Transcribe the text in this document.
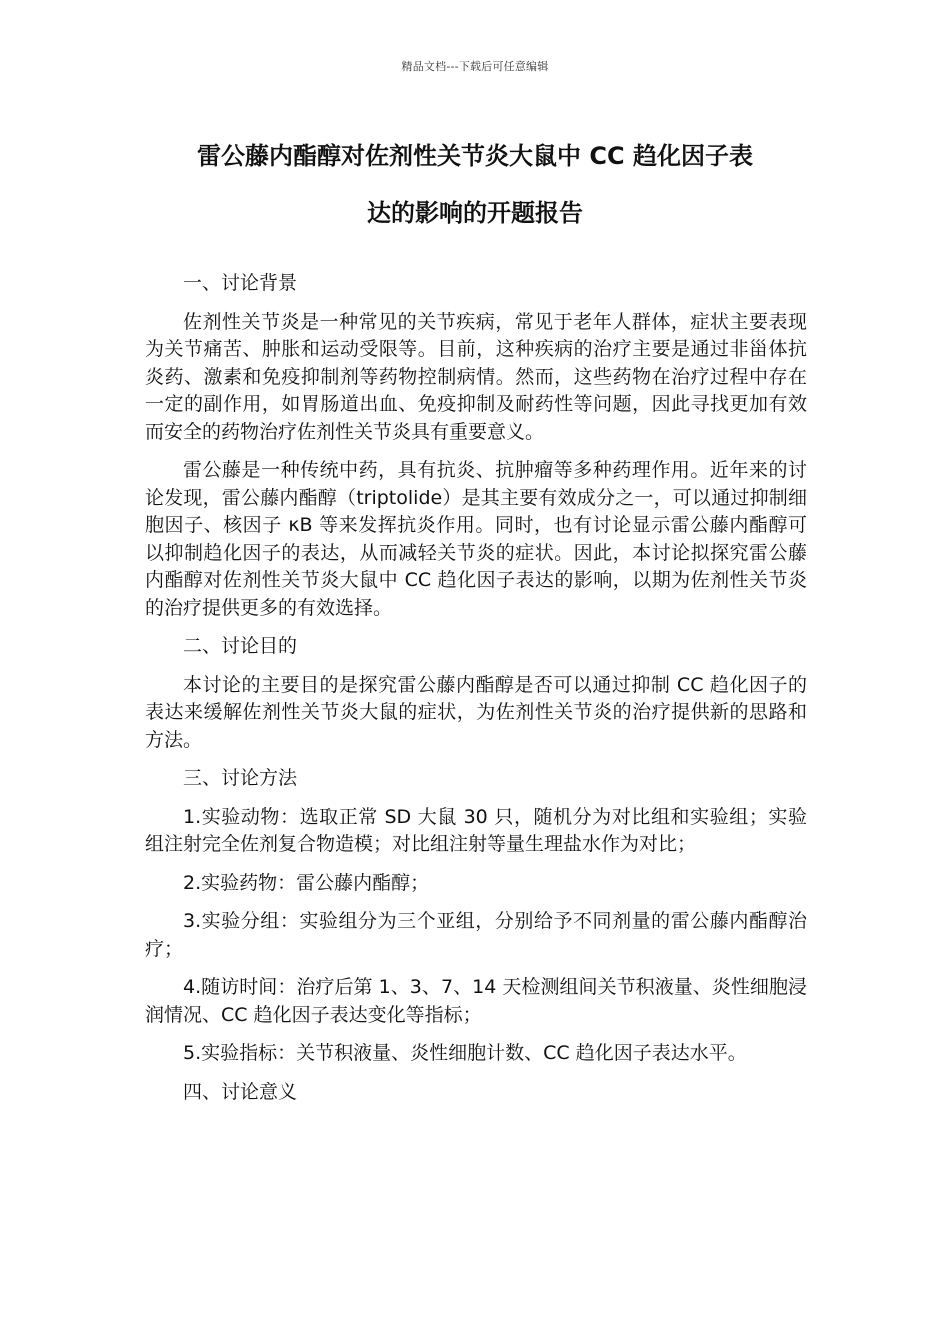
精品文档---下载后可任意编辑
雷公藤内酯醇对佐剂性关节炎大鼠中 CC 趋化因子表
达的影响的开题报告

一、讨论背景

佐剂性关节炎是一种常见的关节疾病，常见于老年人群体，症状主要表现为关节痛苦、肿胀和运动受限等。目前，这种疾病的治疗主要是通过非甾体抗炎药、激素和免疫抑制剂等药物控制病情。然而，这些药物在治疗过程中存在一定的副作用，如胃肠道出血、免疫抑制及耐药性等问题，因此寻找更加有效而安全的药物治疗佐剂性关节炎具有重要意义。

雷公藤是一种传统中药，具有抗炎、抗肿瘤等多种药理作用。近年来的讨论发现，雷公藤内酯醇（triptolide）是其主要有效成分之一，可以通过抑制细胞因子、核因子 κB 等来发挥抗炎作用。同时，也有讨论显示雷公藤内酯醇可以抑制趋化因子的表达，从而减轻关节炎的症状。因此，本讨论拟探究雷公藤内酯醇对佐剂性关节炎大鼠中 CC 趋化因子表达的影响，以期为佐剂性关节炎的治疗提供更多的有效选择。

二、讨论目的

本讨论的主要目的是探究雷公藤内酯醇是否可以通过抑制 CC 趋化因子的表达来缓解佐剂性关节炎大鼠的症状，为佐剂性关节炎的治疗提供新的思路和方法。

三、讨论方法

1.实验动物：选取正常 SD 大鼠 30 只，随机分为对比组和实验组；实验组注射完全佐剂复合物造模；对比组注射等量生理盐水作为对比；

2.实验药物：雷公藤内酯醇；

3.实验分组：实验组分为三个亚组，分别给予不同剂量的雷公藤内酯醇治疗；

4.随访时间：治疗后第 1、3、7、14 天检测组间关节积液量、炎性细胞浸润情况、CC 趋化因子表达变化等指标；

5.实验指标：关节积液量、炎性细胞计数、CC 趋化因子表达水平。

四、讨论意义
